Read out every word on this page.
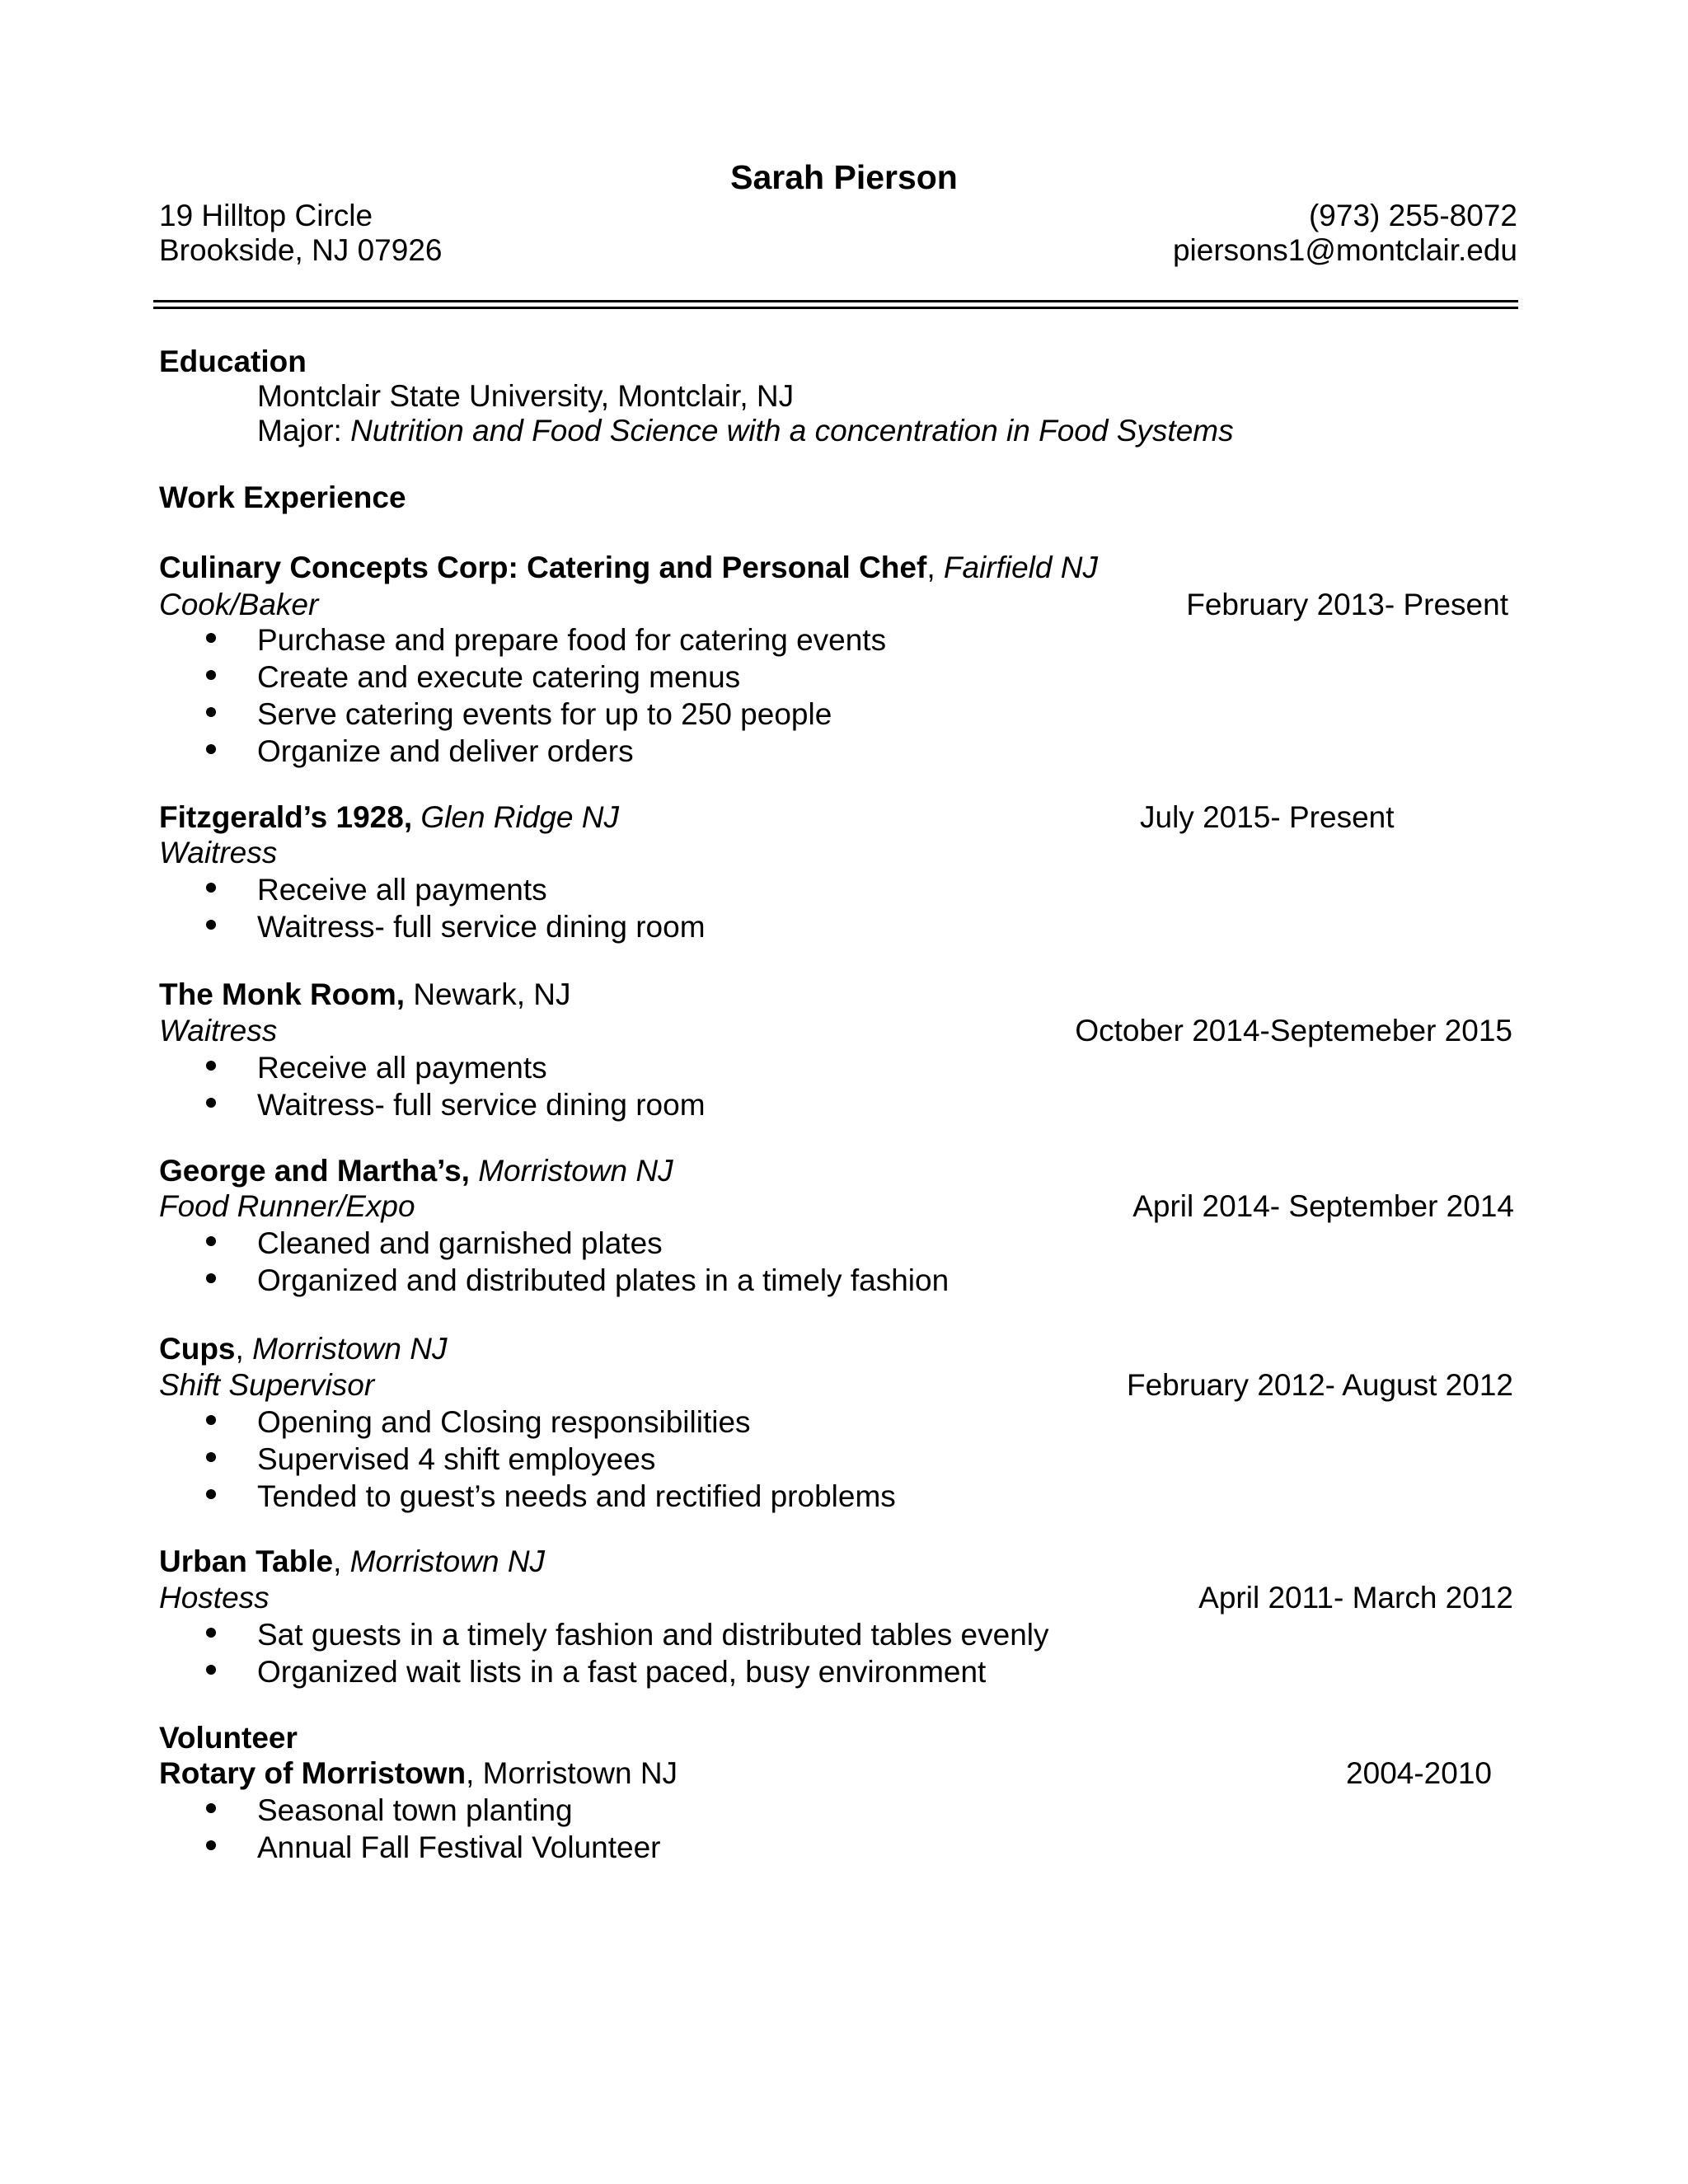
Sarah Pierson
19 Hilltop Circle
Brookside, NJ 07926
(973) 255-8072
piersons1@montclair.edu
Education
Montclair State University, Montclair, NJ
Major: Nutrition and Food Science with a concentration in Food Systems
Work Experience
Culinary Concepts Corp: Catering and Personal Chef, Fairfield NJ
Cook/Baker	February 2013- Present
Purchase and prepare food for catering events
Create and execute catering menus
Serve catering events for up to 250 people
Organize and deliver orders
Fitzgerald’s 1928, Glen Ridge NJ	July 2015- Present
Waitress
Receive all payments
Waitress- full service dining room
The Monk Room, Newark, NJ
Waitress	October 2014-Septemeber 2015
Receive all payments
Waitress- full service dining room
George and Martha’s, Morristown NJ
Food Runner/Expo	April 2014- September 2014
Cleaned and garnished plates
Organized and distributed plates in a timely fashion
Cups, Morristown NJ
Shift Supervisor	February 2012- August 2012
Opening and Closing responsibilities
Supervised 4 shift employees
Tended to guest’s needs and rectified problems
Urban Table, Morristown NJ
Hostess	April 2011- March 2012
Sat guests in a timely fashion and distributed tables evenly
Organized wait lists in a fast paced, busy environment
Volunteer
Rotary of Morristown, Morristown NJ	2004-2010
Seasonal town planting
Annual Fall Festival Volunteer
